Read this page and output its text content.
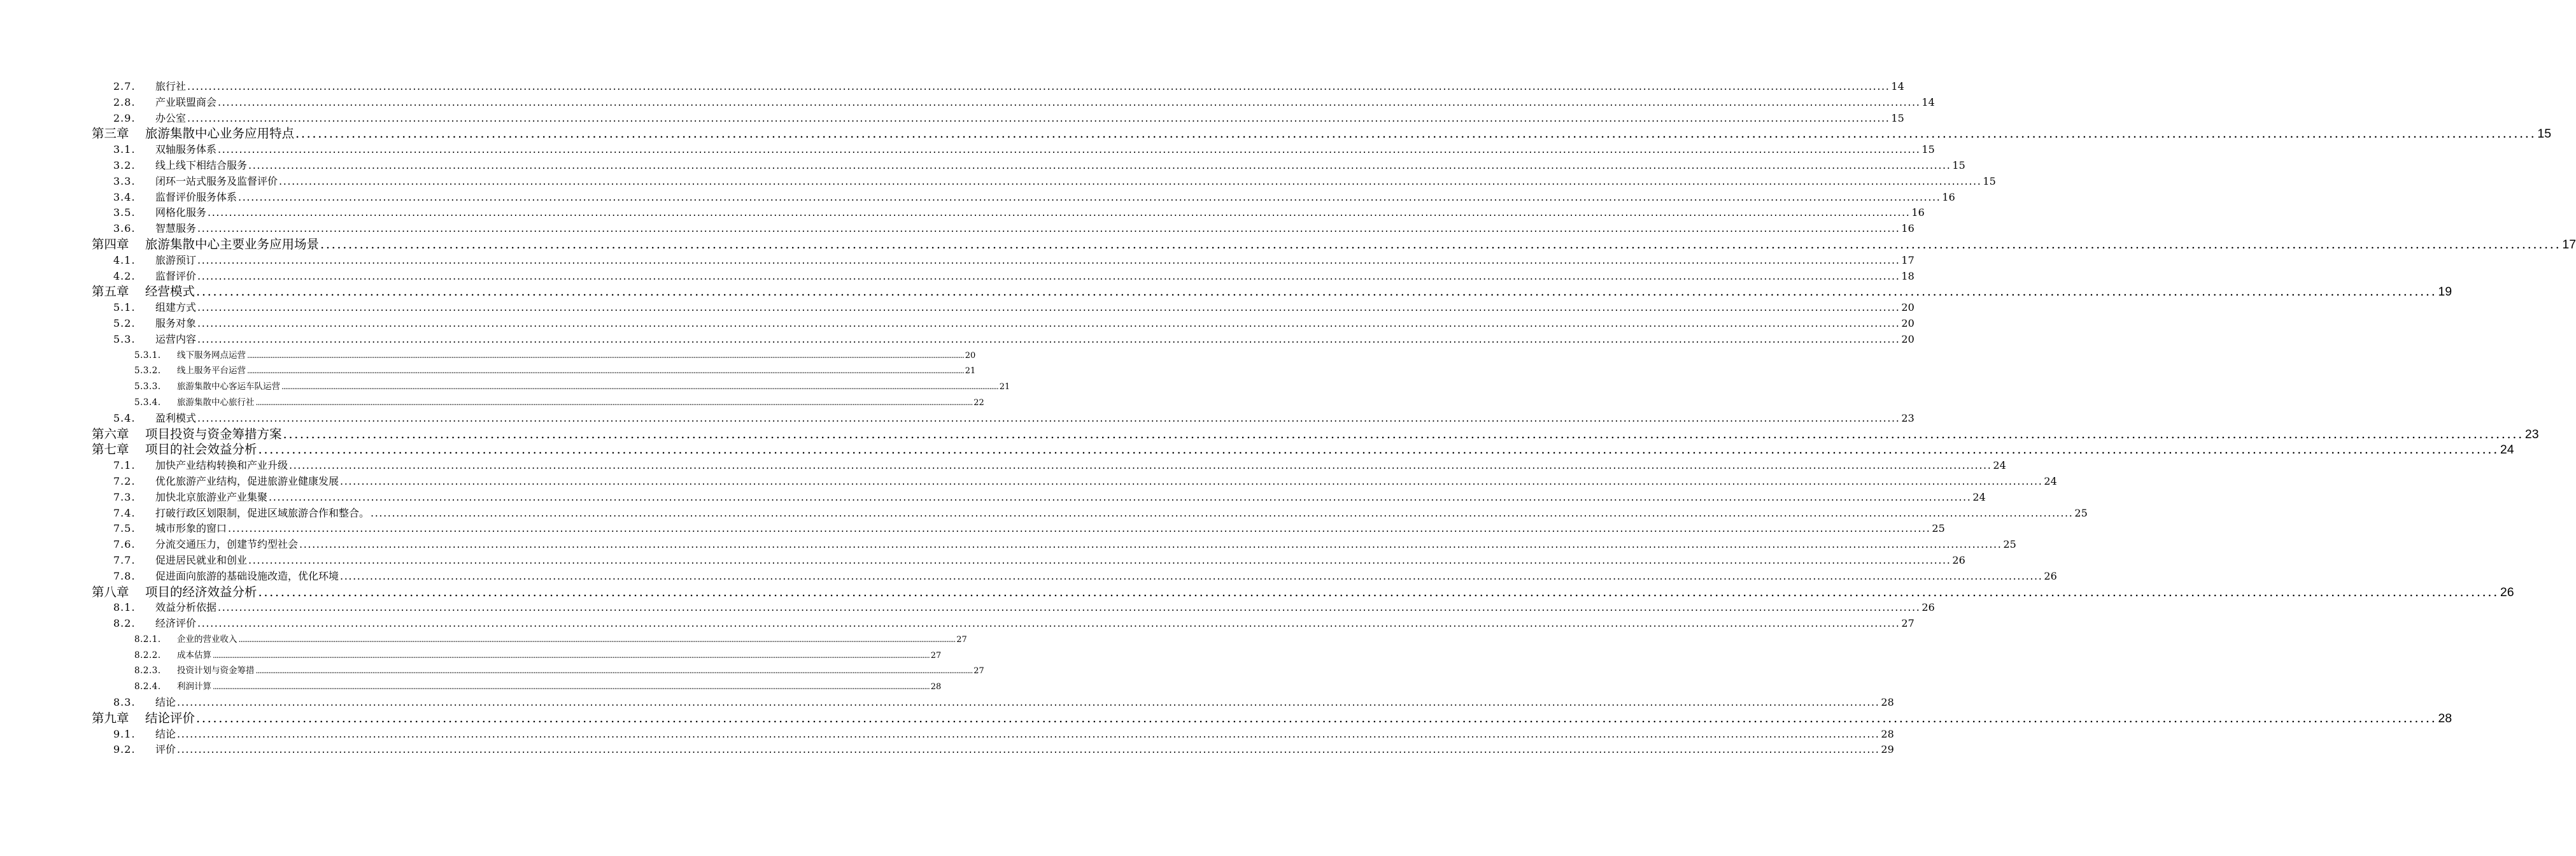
2.7. 旅行社 ................................................................................................................................................................................................................................................................................................................................................................................................................ 14
2.8. 产业联盟商会 ................................................................................................................................................................................................................................................................................................................................................................................................................ 14
2.9. 办公室 ................................................................................................................................................................................................................................................................................................................................................................................................................ 15
第三章 旅游集散中心业务应用特点 ................................................................................................................................................................................................................................................................................................................................................................................................................ 15
3.1. 双轴服务体系 ................................................................................................................................................................................................................................................................................................................................................................................................................ 15
3.2. 线上线下相结合服务 ................................................................................................................................................................................................................................................................................................................................................................................................................ 15
3.3. 闭环一站式服务及监督评价 ................................................................................................................................................................................................................................................................................................................................................................................................................ 15
3.4. 监督评价服务体系 ................................................................................................................................................................................................................................................................................................................................................................................................................ 16
3.5. 网格化服务 ................................................................................................................................................................................................................................................................................................................................................................................................................ 16
3.6. 智慧服务 ................................................................................................................................................................................................................................................................................................................................................................................................................ 16
第四章 旅游集散中心主要业务应用场景 ................................................................................................................................................................................................................................................................................................................................................................................................................ 17
4.1. 旅游预订 ................................................................................................................................................................................................................................................................................................................................................................................................................ 17
4.2. 监督评价 ................................................................................................................................................................................................................................................................................................................................................................................................................ 18
第五章 经营模式 ................................................................................................................................................................................................................................................................................................................................................................................................................ 19
5.1. 组建方式 ................................................................................................................................................................................................................................................................................................................................................................................................................ 20
5.2. 服务对象 ................................................................................................................................................................................................................................................................................................................................................................................................................ 20
5.3. 运营内容 ................................................................................................................................................................................................................................................................................................................................................................................................................ 20
5.3.1. 线下服务网点运营 ................................................................................................................................................................................................................................................................................................................................................................................................................ 20
5.3.2. 线上服务平台运营 ................................................................................................................................................................................................................................................................................................................................................................................................................ 21
5.3.3. 旅游集散中心客运车队运营 ................................................................................................................................................................................................................................................................................................................................................................................................................ 21
5.3.4. 旅游集散中心旅行社 ................................................................................................................................................................................................................................................................................................................................................................................................................ 22
5.4. 盈利模式 ................................................................................................................................................................................................................................................................................................................................................................................................................ 23
第六章 项目投资与资金筹措方案 ................................................................................................................................................................................................................................................................................................................................................................................................................ 23
第七章 项目的社会效益分析 ................................................................................................................................................................................................................................................................................................................................................................................................................ 24
7.1. 加快产业结构转换和产业升级 ................................................................................................................................................................................................................................................................................................................................................................................................................ 24
7.2. 优化旅游产业结构，促进旅游业健康发展 ................................................................................................................................................................................................................................................................................................................................................................................................................ 24
7.3. 加快北京旅游业产业集聚 ................................................................................................................................................................................................................................................................................................................................................................................................................ 24
7.4. 打破行政区划限制，促进区域旅游合作和整合。 ................................................................................................................................................................................................................................................................................................................................................................................................................ 25
7.5. 城市形象的窗口 ................................................................................................................................................................................................................................................................................................................................................................................................................ 25
7.6. 分流交通压力，创建节约型社会 ................................................................................................................................................................................................................................................................................................................................................................................................................ 25
7.7. 促进居民就业和创业 ................................................................................................................................................................................................................................................................................................................................................................................................................ 26
7.8. 促进面向旅游的基础设施改造，优化环境 ................................................................................................................................................................................................................................................................................................................................................................................................................ 26
第八章 项目的经济效益分析 ................................................................................................................................................................................................................................................................................................................................................................................................................ 26
8.1. 效益分析依据 ................................................................................................................................................................................................................................................................................................................................................................................................................ 26
8.2. 经济评价 ................................................................................................................................................................................................................................................................................................................................................................................................................ 27
8.2.1. 企业的营业收入 ................................................................................................................................................................................................................................................................................................................................................................................................................ 27
8.2.2. 成本估算 ................................................................................................................................................................................................................................................................................................................................................................................................................ 27
8.2.3. 投资计划与资金筹措 ................................................................................................................................................................................................................................................................................................................................................................................................................ 27
8.2.4. 利润计算 ................................................................................................................................................................................................................................................................................................................................................................................................................ 28
8.3. 结论 ................................................................................................................................................................................................................................................................................................................................................................................................................ 28
第九章 结论评价 ................................................................................................................................................................................................................................................................................................................................................................................................................ 28
9.1. 结论 ................................................................................................................................................................................................................................................................................................................................................................................................................ 28
9.2. 评价 ................................................................................................................................................................................................................................................................................................................................................................................................................ 29
